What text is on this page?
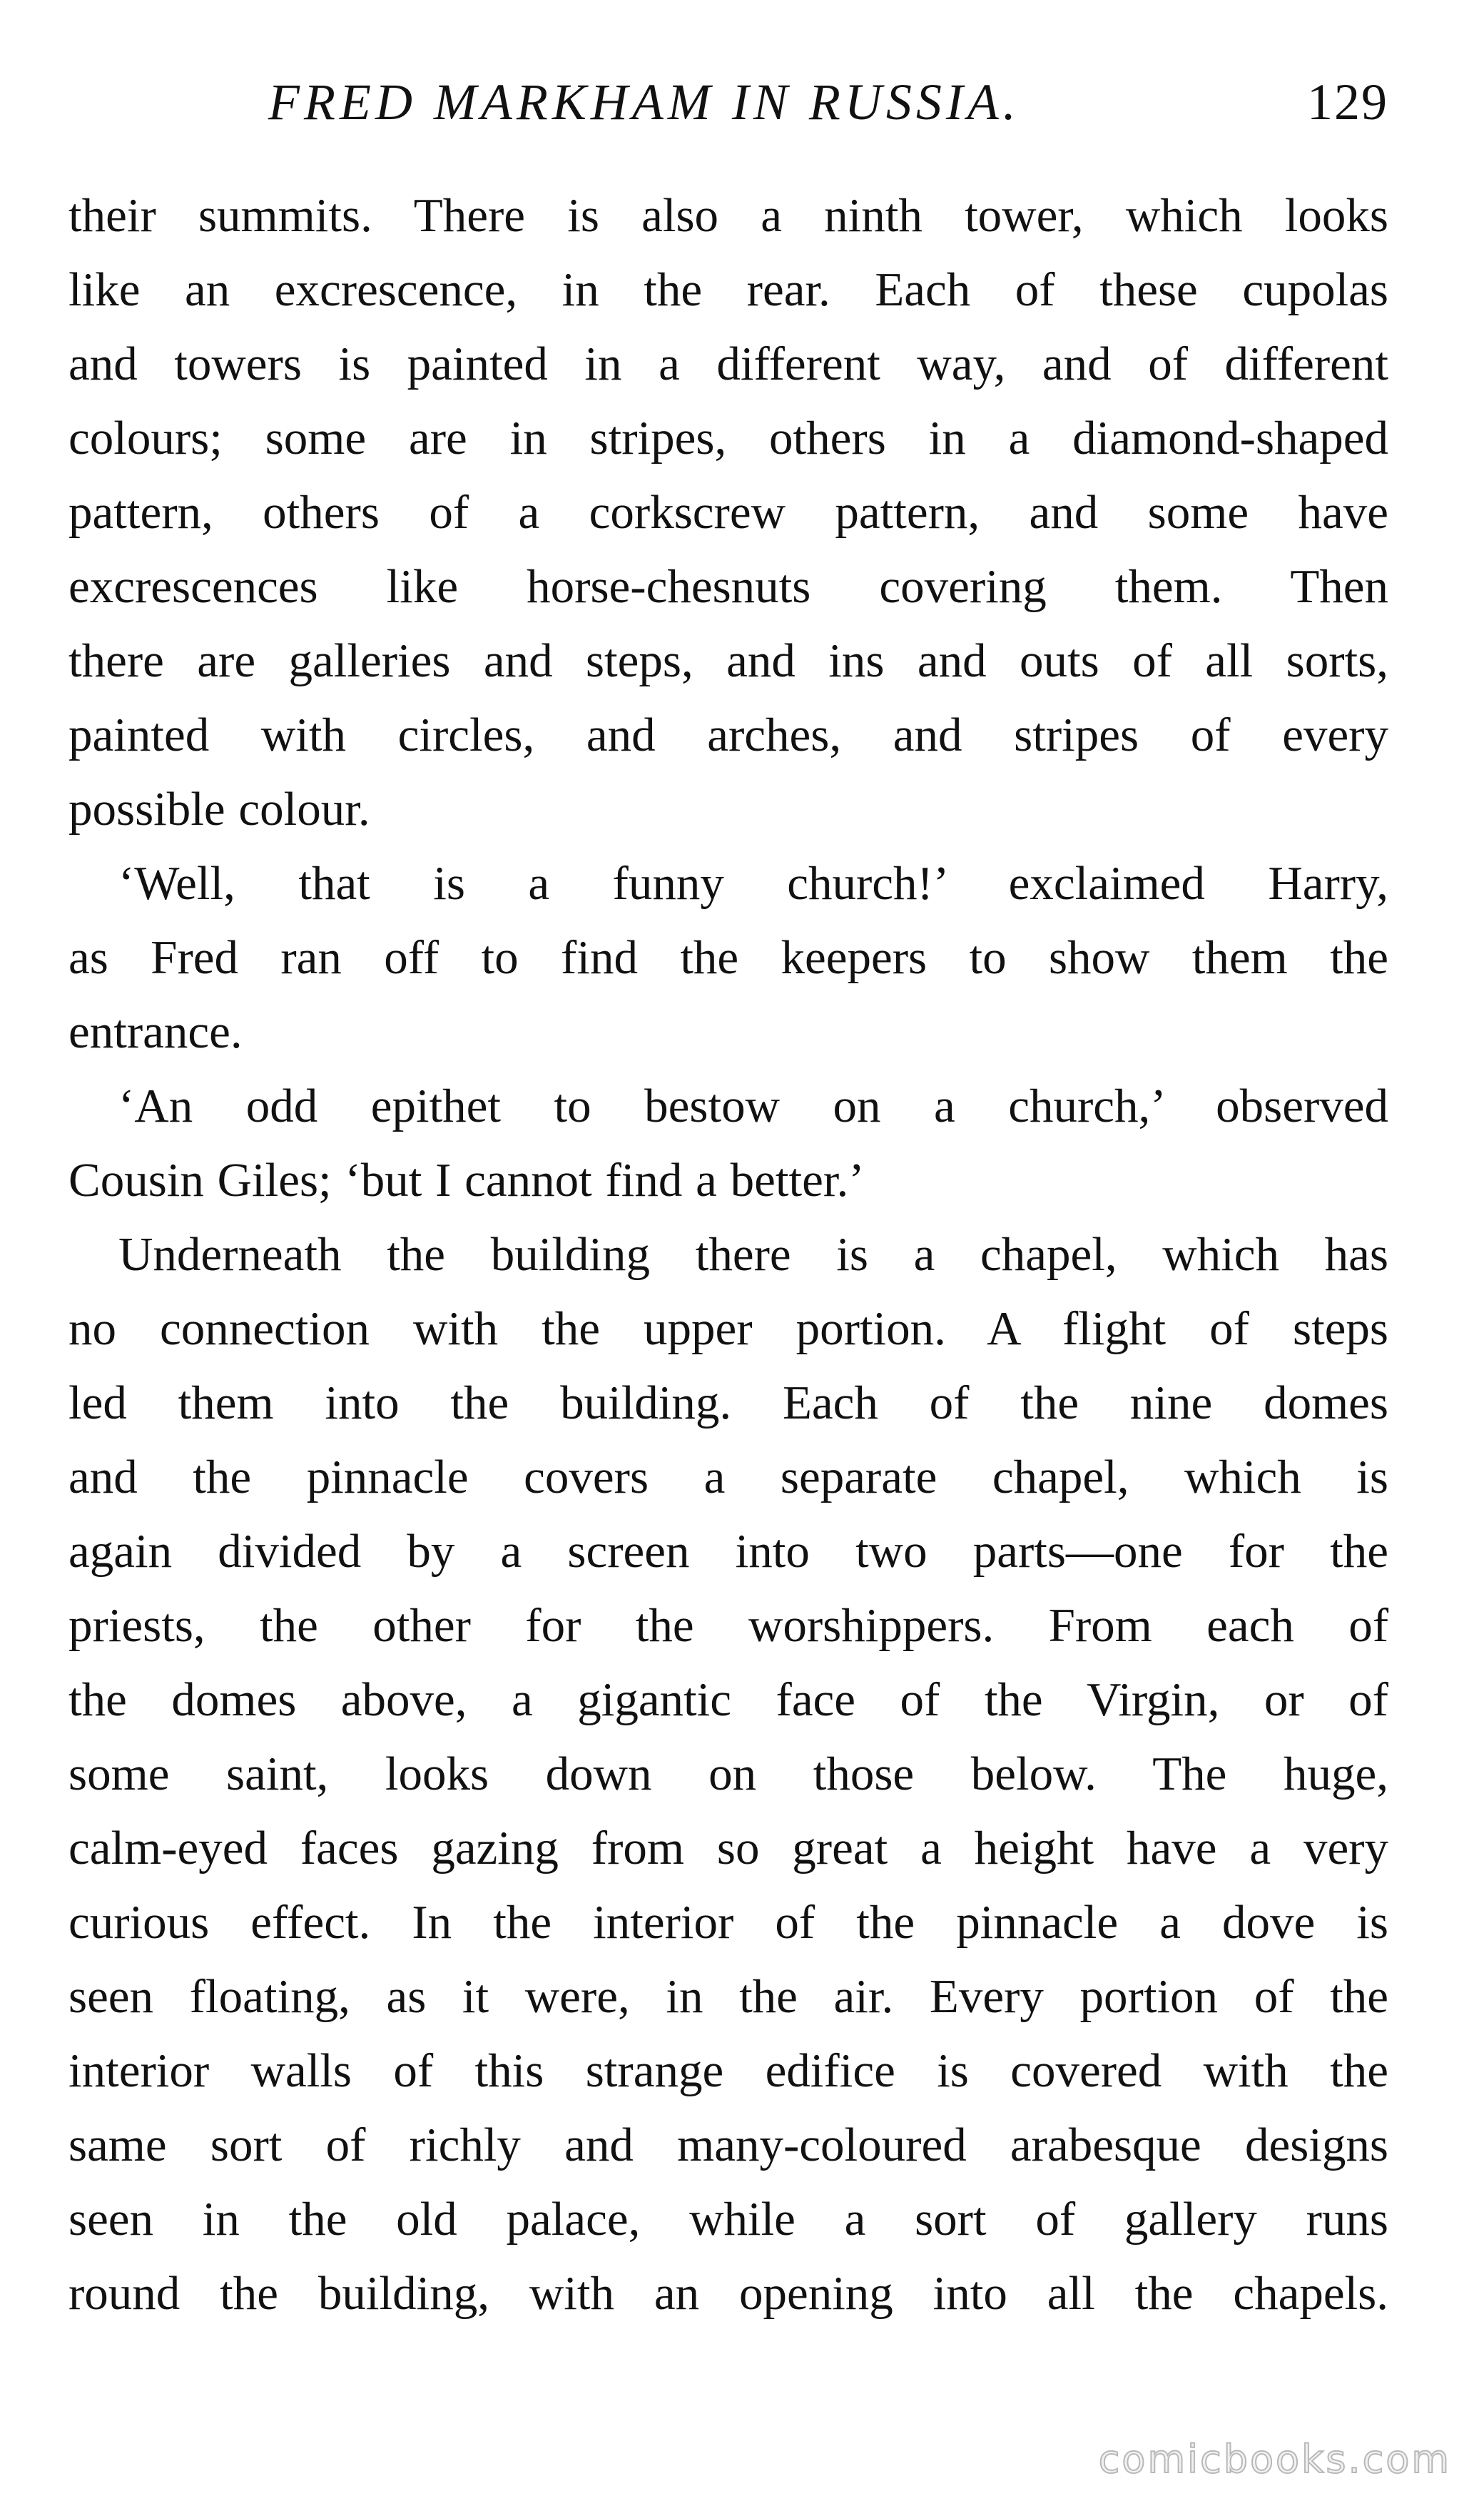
FRED MARKHAM IN RUSSIA.	129
their summits. There is also a ninth tower, which looks
like an excrescence, in the rear. Each of these cupolas
and towers is painted in a different way, and of different
colours; some are in stripes, others in a diamond-shaped
pattern, others of a corkscrew pattern, and some have
excrescences like horse-chesnuts covering them. Then
there are galleries and steps, and ins and outs of all sorts,
painted with circles, and arches, and stripes of every
possible colour.
‘Well, that is a funny church!’ exclaimed Harry,
as Fred ran off to find the keepers to show them the
entrance.
‘An odd epithet to bestow on a church,’ observed
Cousin Giles; ‘but I cannot find a better.’
Underneath the building there is a chapel, which has
no connection with the upper portion. A flight of steps
led them into the building. Each of the nine domes
and the pinnacle covers a separate chapel, which is
again divided by a screen into two parts—one for the
priests, the other for the worshippers. From each of
the domes above, a gigantic face of the Virgin, or of
some saint, looks down on those below. The huge,
calm-eyed faces gazing from so great a height have a very
curious effect. In the interior of the pinnacle a dove is
seen floating, as it were, in the air. Every portion of the
interior walls of this strange edifice is covered with the
same sort of richly and many-coloured arabesque designs
seen in the old palace, while a sort of gallery runs
round the building, with an opening into all the chapels.
comicbooks.com
